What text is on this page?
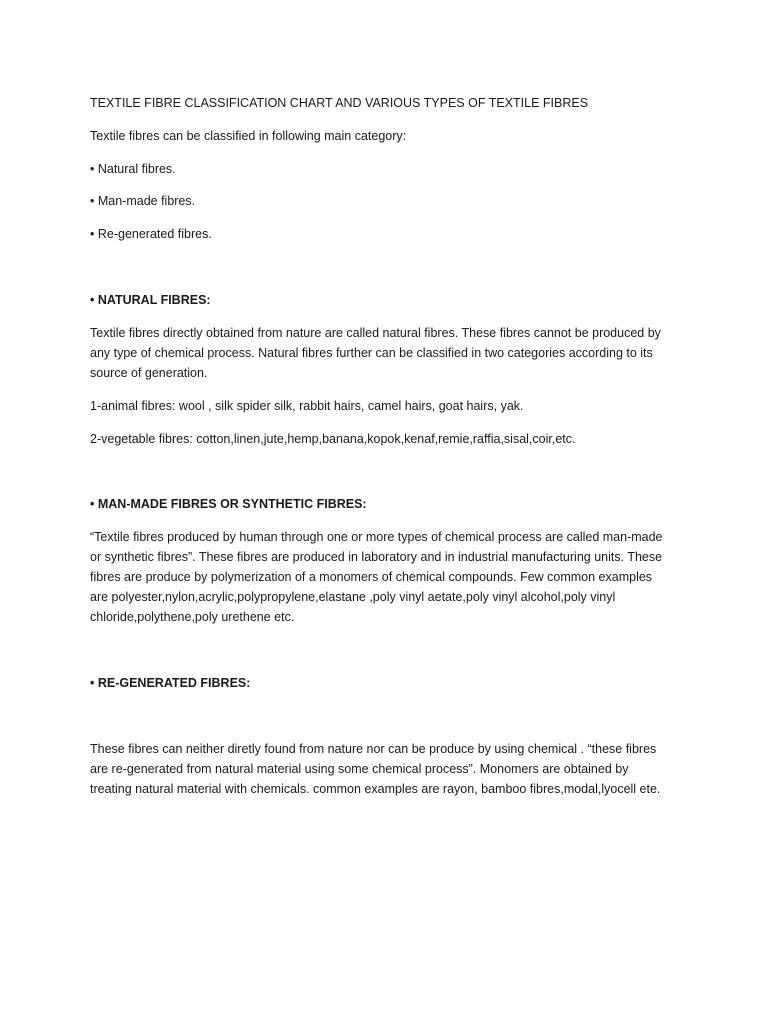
TEXTILE FIBRE CLASSIFICATION CHART AND VARIOUS TYPES OF TEXTILE FIBRES

Textile fibres can be classified in following main category:

• Natural fibres.

• Man-made fibres.

• Re-generated fibres.

• NATURAL FIBRES:

Textile fibres directly obtained from nature are called natural fibres. These fibres cannot be produced by
any type of chemical process. Natural fibres further can be classified in two categories according to its
source of generation.

1-animal fibres: wool , silk spider silk, rabbit hairs, camel hairs, goat hairs, yak.

2-vegetable fibres: cotton,linen,jute,hemp,banana,kopok,kenaf,remie,raffia,sisal,coir,etc.

• MAN-MADE FIBRES OR SYNTHETIC FIBRES:

“Textile fibres produced by human through one or more types of chemical process are called man-made
or synthetic fibres”. These fibres are produced in laboratory and in industrial manufacturing units. These
fibres are produce by polymerization of a monomers of chemical compounds. Few common examples
are polyester,nylon,acrylic,polypropylene,elastane ,poly vinyl aetate,poly vinyl alcohol,poly vinyl
chloride,polythene,poly urethene etc.

• RE-GENERATED FIBRES:

These fibres can neither diretly found from nature nor can be produce by using chemical . “these fibres
are re-generated from natural material using some chemical process”. Monomers are obtained by
treating natural material with chemicals. common examples are rayon, bamboo fibres,modal,lyocell ete.
